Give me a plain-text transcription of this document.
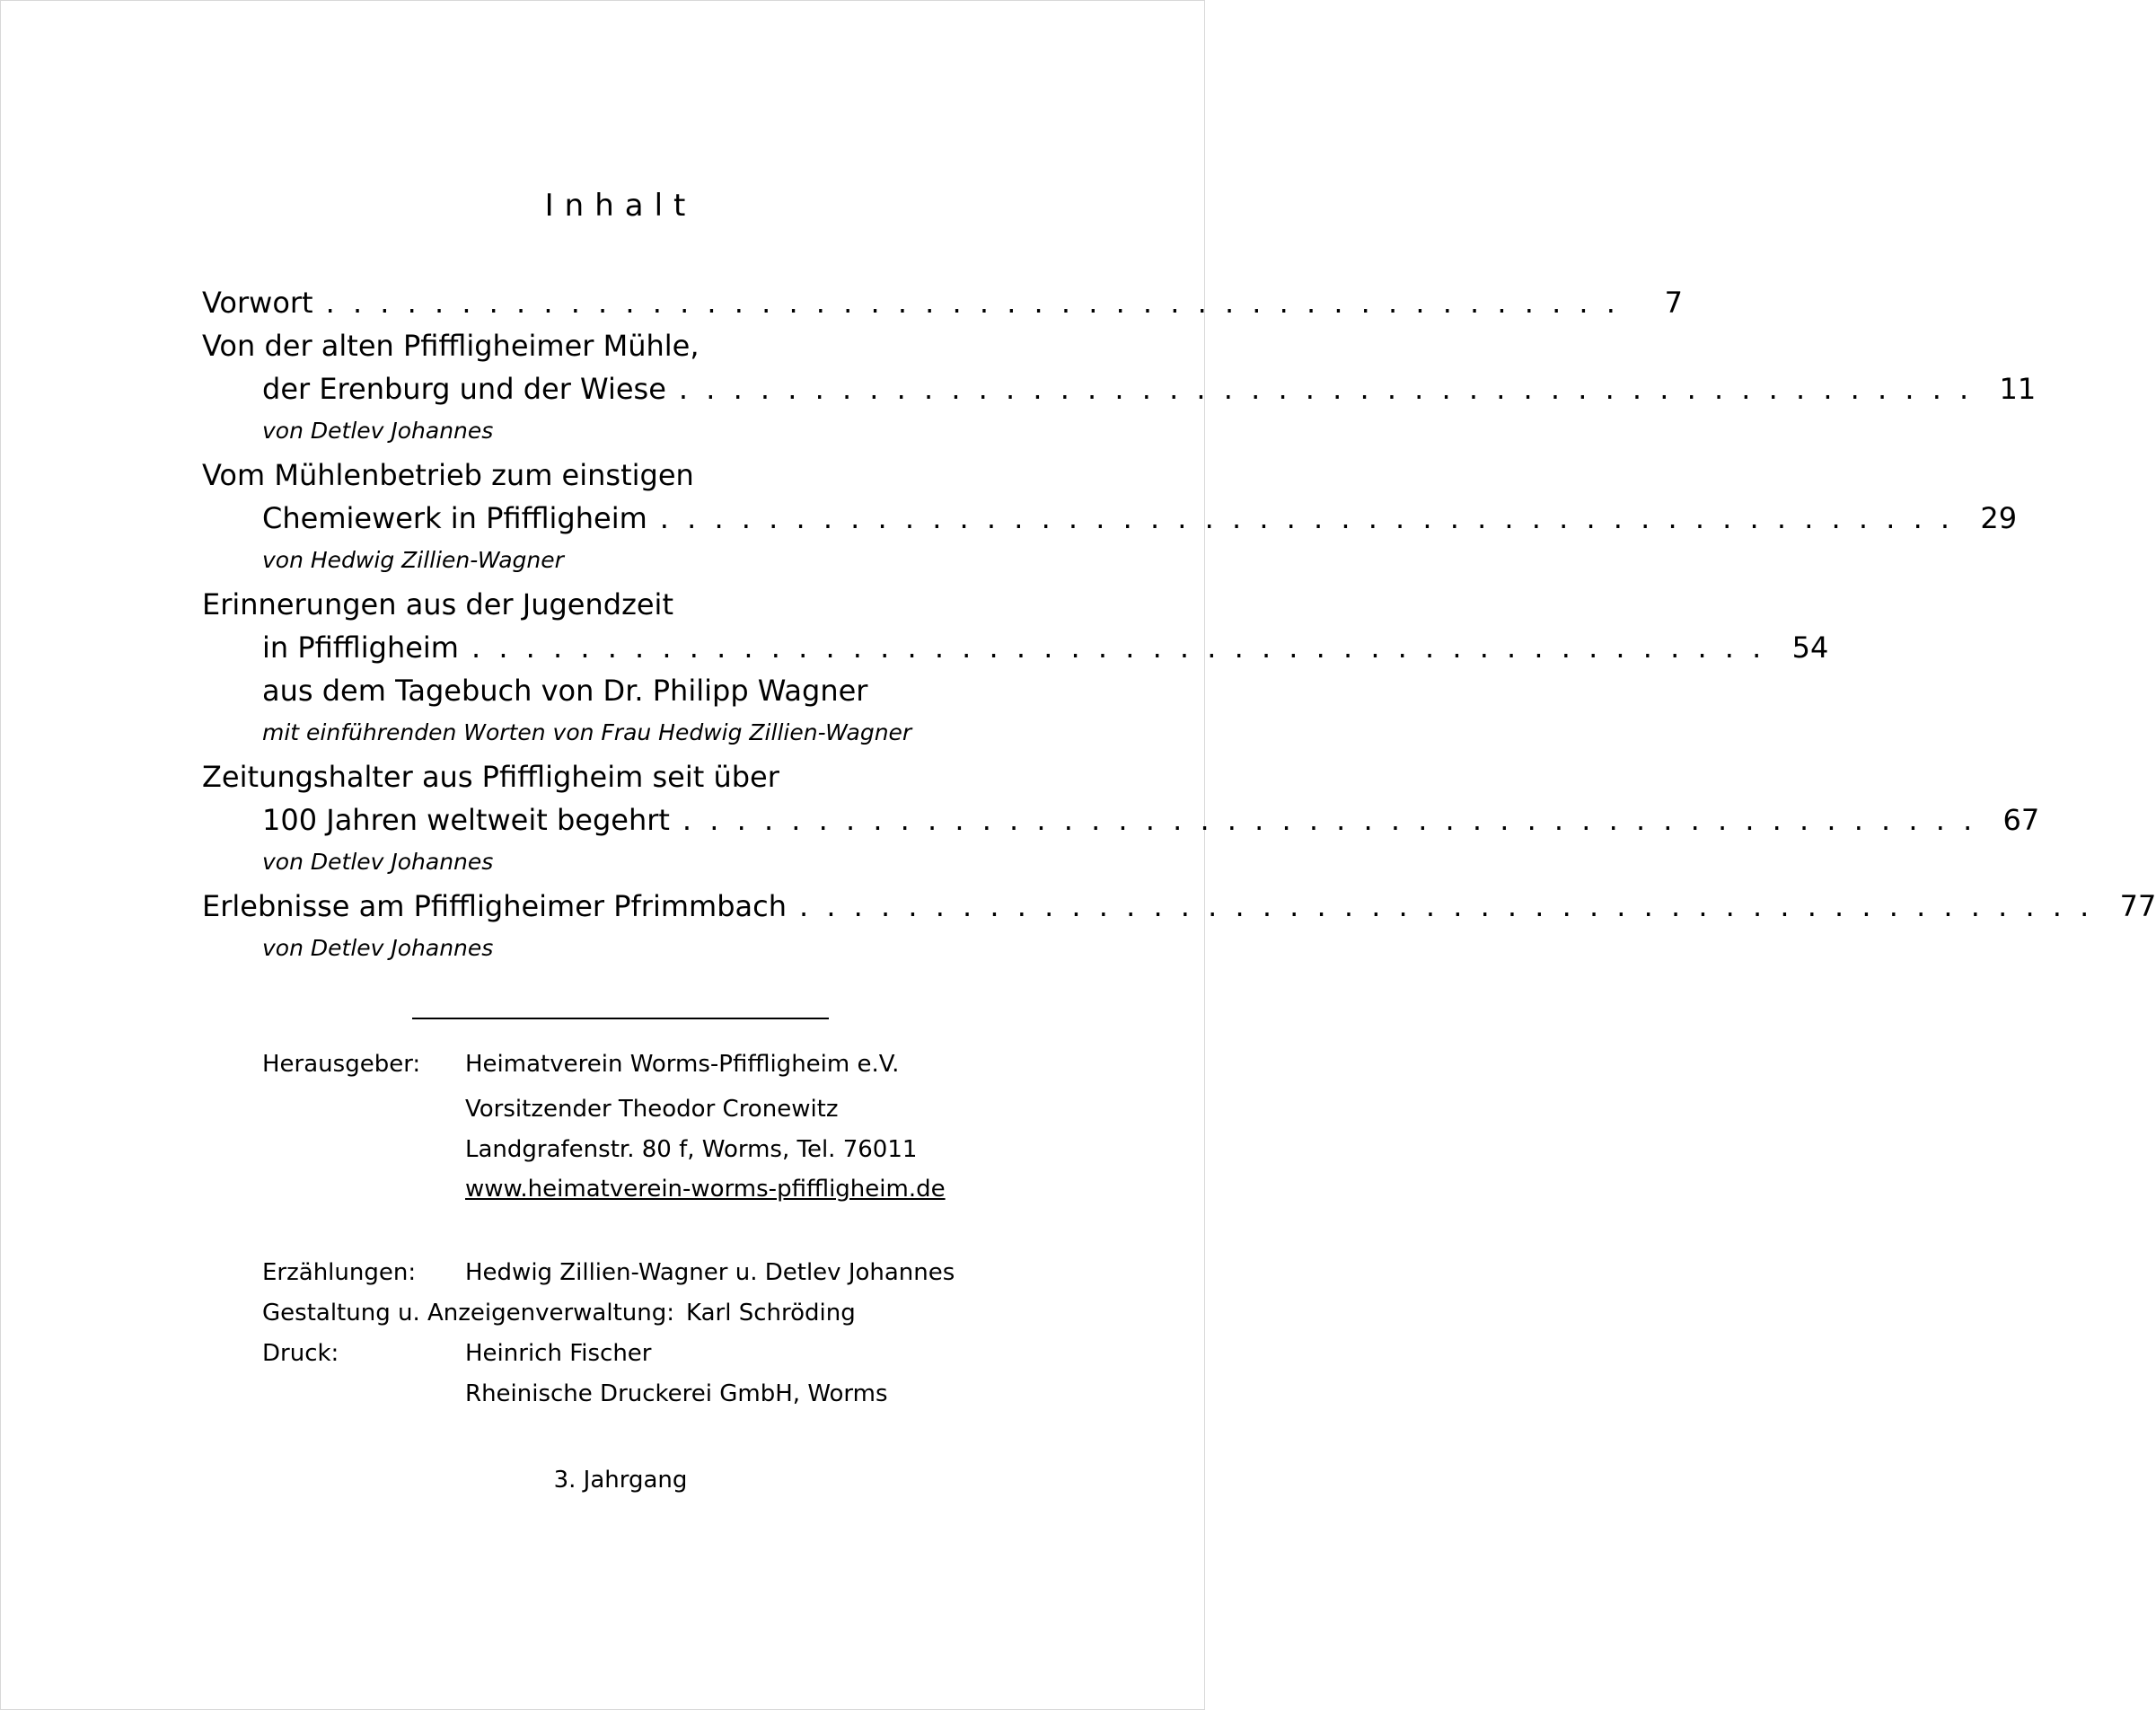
Inhalt
Vorwort . . . . . . . . . . . . . . . . . . . . . . . . . . . . . . . . . . . . . . . . . . . . . . . .	7
Von der alten Pfiffligheimer Mühle,
der Erenburg und der Wiese . . . . . . . . . . . . . . . . . . . . . . . . . . . . . . . . . . . . . . . . . . . . . . . . 11
von Detlev Johannes
Vom Mühlenbetrieb zum einstigen
Chemiewerk in Pfiffligheim . . . . . . . . . . . . . . . . . . . . . . . . . . . . . . . . . . . . . . . . . . . . . . . . 29
von Hedwig Zillien-Wagner
Erinnerungen aus der Jugendzeit
in Pfiffligheim . . . . . . . . . . . . . . . . . . . . . . . . . . . . . . . . . . . . . . . . . . . . . . . . 54
aus dem Tagebuch von Dr. Philipp Wagner
mit einführenden Worten von Frau Hedwig Zillien-Wagner
Zeitungshalter aus Pfiffligheim seit über
100 Jahren weltweit begehrt . . . . . . . . . . . . . . . . . . . . . . . . . . . . . . . . . . . . . . . . . . . . . . . . 67
von Detlev Johannes
Erlebnisse am Pfiffligheimer Pfrimmbach . . . . . . . . . . . . . . . . . . . . . . . . . . . . . . . . . . . . . . . . . . . . . . . . 77
von Detlev Johannes
Herausgeber: Heimatverein Worms-Pfiffligheim e.V.
Vorsitzender Theodor Cronewitz
Landgrafenstr. 80 f, Worms, Tel. 76011
www.heimatverein-worms-pfiffligheim.de
Erzählungen: Hedwig Zillien-Wagner u. Detlev Johannes
Gestaltung u. Anzeigenverwaltung: Karl Schröding
Druck:	Heinrich Fischer
Rheinische Druckerei GmbH, Worms
3. Jahrgang
